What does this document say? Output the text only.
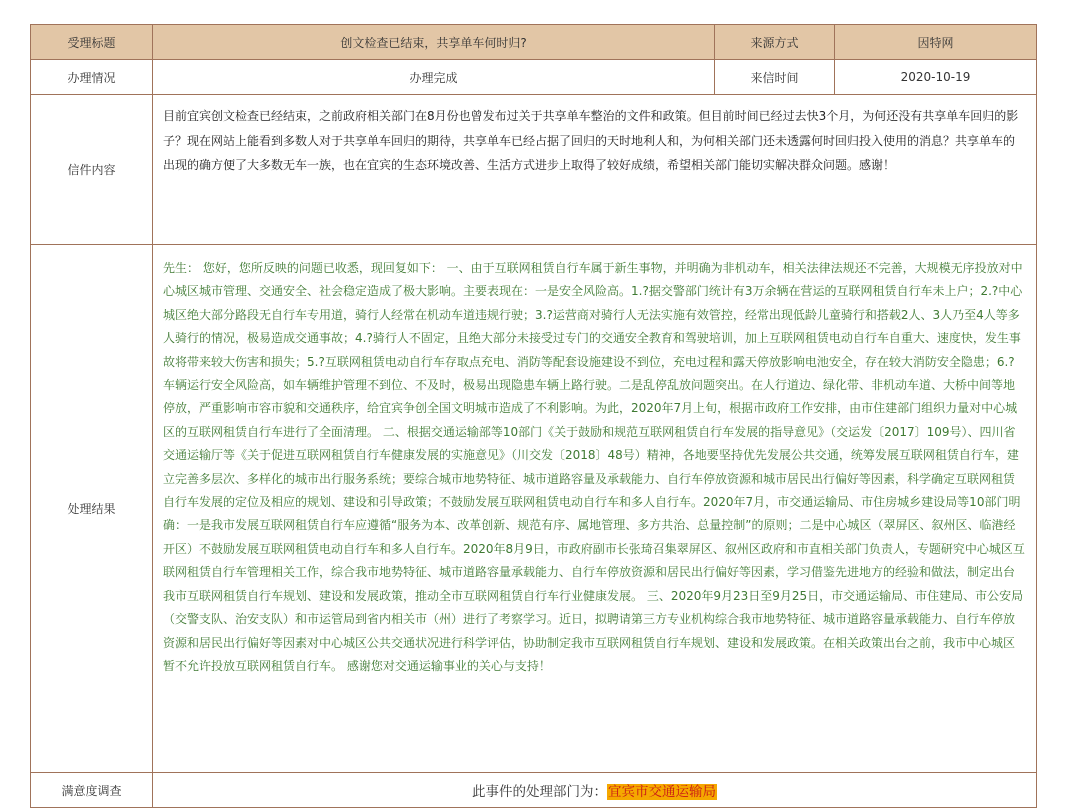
受理标题	创文检查已结束，共享单车何时归?	来源方式	因特网
办理情况	办理完成	来信时间	2020-10-19
信件内容	目前宜宾创文检查已经结束，之前政府相关部门在8月份也曾发布过关于共享单车整治的文件和政策。但目前时间已经过去快3个月，为何还没有共享单车回归的影子？现在网站上能看到多数人对于共享单车回归的期待，共享单车已经占据了回归的天时地利人和，为何相关部门还未透露何时回归投入使用的消息？共享单车的出现的确方便了大多数无车一族，也在宜宾的生态环境改善、生活方式进步上取得了较好成绩，希望相关部门能切实解决群众问题。感谢！		
处理结果	先生： 您好，您所反映的问题已收悉，现回复如下： 一、由于互联网租赁自行车属于新生事物，并明确为非机动车，相关法律法规还不完善，大规模无序投放对中心城区城市管理、交通安全、社会稳定造成了极大影响。主要表现在：一是安全风险高。1.?据交警部门统计有3万余辆在营运的互联网租赁自行车未上户；2.?中心城区绝大部分路段无自行车专用道，骑行人经常在机动车道违规行驶；3.?运营商对骑行人无法实施有效管控，经常出现低龄儿童骑行和搭载2人、3人乃至4人等多人骑行的情况，极易造成交通事故；4.?骑行人不固定，且绝大部分未接受过专门的交通安全教育和驾驶培训，加上互联网租赁电动自行车自重大、速度快，发生事故将带来较大伤害和损失；5.?互联网租赁电动自行车存取点充电、消防等配套设施建设不到位，充电过程和露天停放影响电池安全，存在较大消防安全隐患；6.?车辆运行安全风险高，如车辆维护管理不到位、不及时，极易出现隐患车辆上路行驶。二是乱停乱放问题突出。在人行道边、绿化带、非机动车道、大桥中间等地停放，严重影响市容市貌和交通秩序，给宜宾争创全国文明城市造成了不利影响。为此，2020年7月上旬，根据市政府工作安排，由市住建部门组织力量对中心城区的互联网租赁自行车进行了全面清理。 二、根据交通运输部等10部门《关于鼓励和规范互联网租赁自行车发展的指导意见》（交运发〔2017〕109号）、四川省交通运输厅等《关于促进互联网租赁自行车健康发展的实施意见》（川交发〔2018〕48号）精神，各地要坚持优先发展公共交通，统筹发展互联网租赁自行车，建立完善多层次、多样化的城市出行服务系统；要综合城市地势特征、城市道路容量及承载能力、自行车停放资源和城市居民出行偏好等因素，科学确定互联网租赁自行车发展的定位及相应的规划、建设和引导政策；不鼓励发展互联网租赁电动自行车和多人自行车。2020年7月，市交通运输局、市住房城乡建设局等10部门明确：一是我市发展互联网租赁自行车应遵循“服务为本、改革创新、规范有序、属地管理、多方共治、总量控制”的原则；二是中心城区（翠屏区、叙州区、临港经开区）不鼓励发展互联网租赁电动自行车和多人自行车。2020年8月9日，市政府副市长张琦召集翠屏区、叙州区政府和市直相关部门负责人，专题研究中心城区互联网租赁自行车管理相关工作，综合我市地势特征、城市道路容量承载能力、自行车停放资源和居民出行偏好等因素，学习借鉴先进地方的经验和做法，制定出台我市互联网租赁自行车规划、建设和发展政策，推动全市互联网租赁自行车行业健康发展。 三、2020年9月23日至9月25日，市交通运输局、市住建局、市公安局（交警支队、治安支队）和市运管局到省内相关市（州）进行了考察学习。近日，拟聘请第三方专业机构综合我市地势特征、城市道路容量承载能力、自行车停放资源和居民出行偏好等因素对中心城区公共交通状况进行科学评估，协助制定我市互联网租赁自行车规划、建设和发展政策。在相关政策出台之前，我市中心城区暂不允许投放互联网租赁自行车。 感谢您对交通运输事业的关心与支持！		
满意度调查	此事件的处理部门为：宜宾市交通运输局		
